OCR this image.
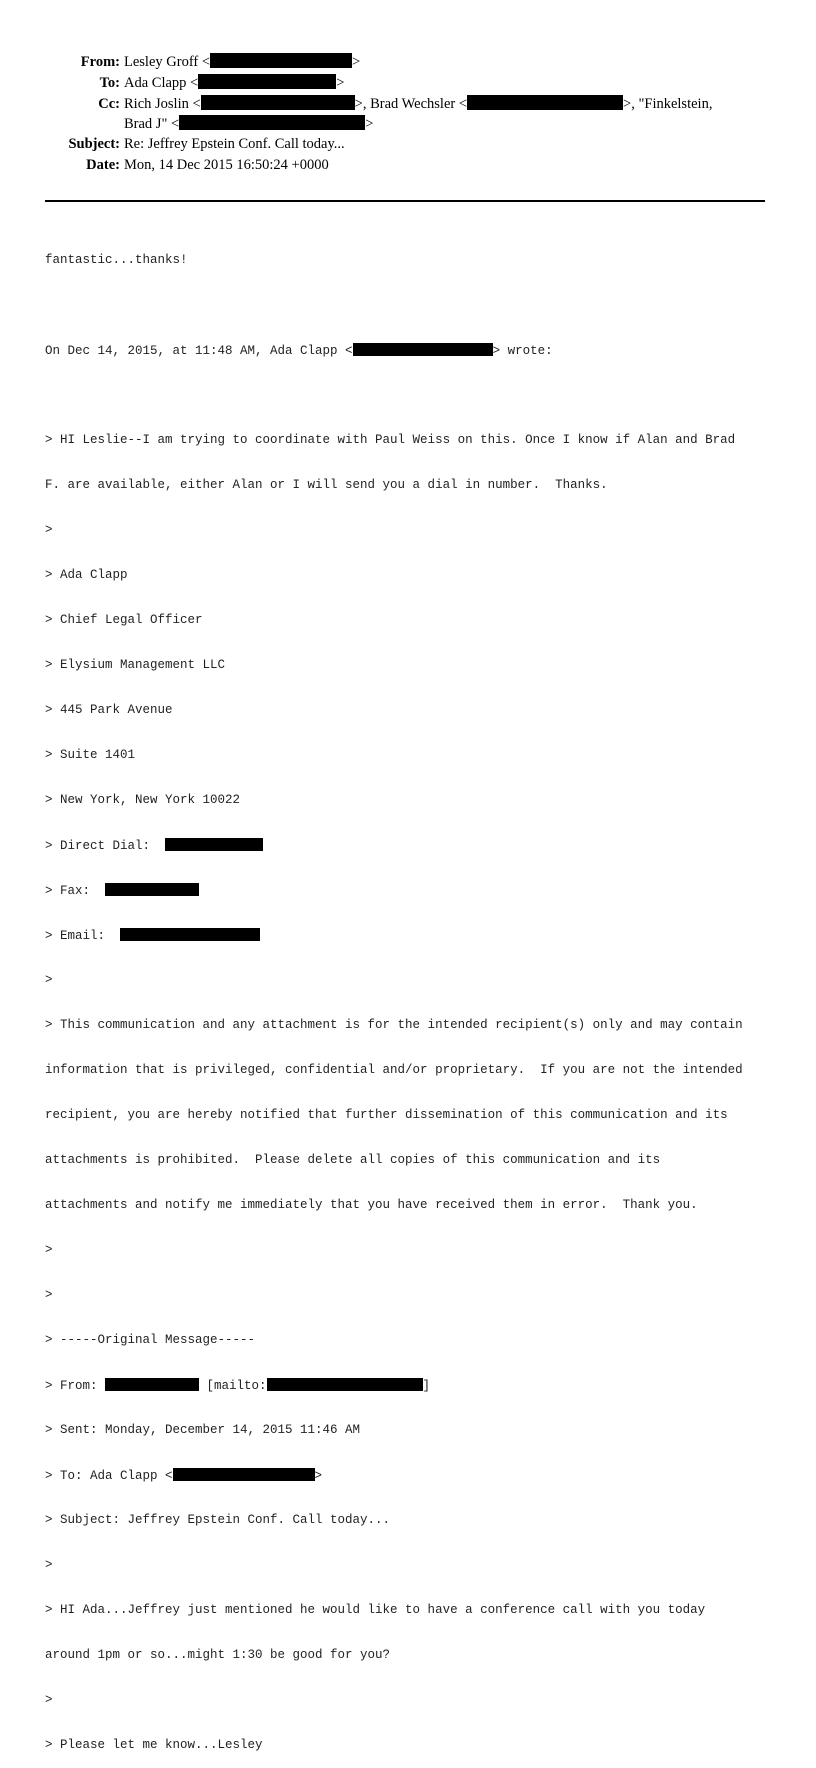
From: Lesley Groff <	>
To: Ada Clapp <	>
Cc: Rich Joslin <	>, Brad Wechsler <	>, "Finkelstein,
Brad J" <	>
Subject: Re: Jeffrey Epstein Conf. Call today...
Date: Mon, 14 Dec 2015 16:50:24 +0000

fantastic...thanks!

On Dec 14, 2015, at 11:48 AM, Ada Clapp <	> wrote:

> HI Leslie--I am trying to coordinate with Paul Weiss on this. Once I know if Alan and Brad

F. are available, either Alan or I will send you a dial in number.  Thanks.

>

> Ada Clapp

> Chief Legal Officer

> Elysium Management LLC

> 445 Park Avenue

> Suite 1401

> New York, New York 10022

> Direct Dial:

> Fax:

> Email:

>

> This communication and any attachment is for the intended recipient(s) only and may contain

information that is privileged, confidential and/or proprietary.  If you are not the intended

recipient, you are hereby notified that further dissemination of this communication and its

attachments is prohibited.  Please delete all copies of this communication and its

attachments and notify me immediately that you have received them in error.  Thank you.

>

>

> -----Original Message-----

> From:	[mailto:	]

> Sent: Monday, December 14, 2015 11:46 AM

> To: Ada Clapp <	>

> Subject: Jeffrey Epstein Conf. Call today...

>

> HI Ada...Jeffrey just mentioned he would like to have a conference call with you today

around 1pm or so...might 1:30 be good for you?

>

> Please let me know...Lesley
